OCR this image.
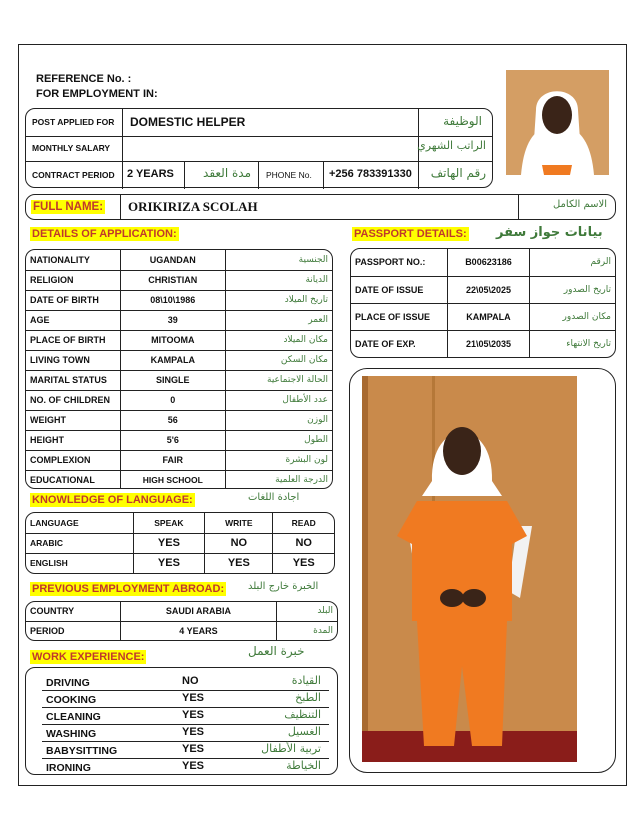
REFERENCE No. :
FOR EMPLOYMENT IN:
POST APPLIED FOR DOMESTIC HELPER	الوظيفة
MONTHLY SALARY	الراتب الشهري
CONTRACT PERIOD 2 YEARS	مدة العقد PHONE No. +256 783391330 رقم الهاتف
FULL NAME: ORIKIRIZA SCOLAH	الاسم الكامل
DETAILS OF APPLICATION:
NATIONALITY	UGANDAN	الجنسية
RELIGION	CHRISTIAN	الديانة
DATE OF BIRTH	08\10\1986	تاريخ الميلاد
AGE	39	العمر
PLACE OF BIRTH	MITOOMA	مكان الميلاد
LIVING TOWN	KAMPALA	مكان السكن
MARITAL STATUS	SINGLE	الحالة الاجتماعية
NO. OF CHILDREN	0	عدد الأطفال
WEIGHT	56	الوزن
HEIGHT	5'6	الطول
COMPLEXION	FAIR	لون البشرة
EDUCATIONAL	HIGH SCHOOL	الدرجة العلمية
PASSPORT DETAILS: بيانات جواز سفر
PASSPORT NO.:	B00623186	الرقم
DATE OF ISSUE	22\05\2025	تاريخ الصدور
PLACE OF ISSUE	KAMPALA	مكان الصدور
DATE OF EXP.	21\05\2035	تاريخ الانتهاء
KNOWLEDGE OF LANGUAGE:	اجادة اللغات
LANGUAGE	SPEAK	WRITE	READ
ARABIC	YES	NO	NO
ENGLISH	YES	YES	YES
PREVIOUS EMPLOYMENT ABROAD: الخبرة خارج البلد
COUNTRY	SAUDI ARABIA	البلد
PERIOD	4 YEARS	المدة
WORK EXPERIENCE:	خبرة العمل
DRIVING	NO	القيادة
COOKING	YES	الطبخ
CLEANING	YES	التنظيف
WASHING	YES	الغسيل
BABYSITTING	YES	تربية الأطفال
IRONING	YES	الخياطة
